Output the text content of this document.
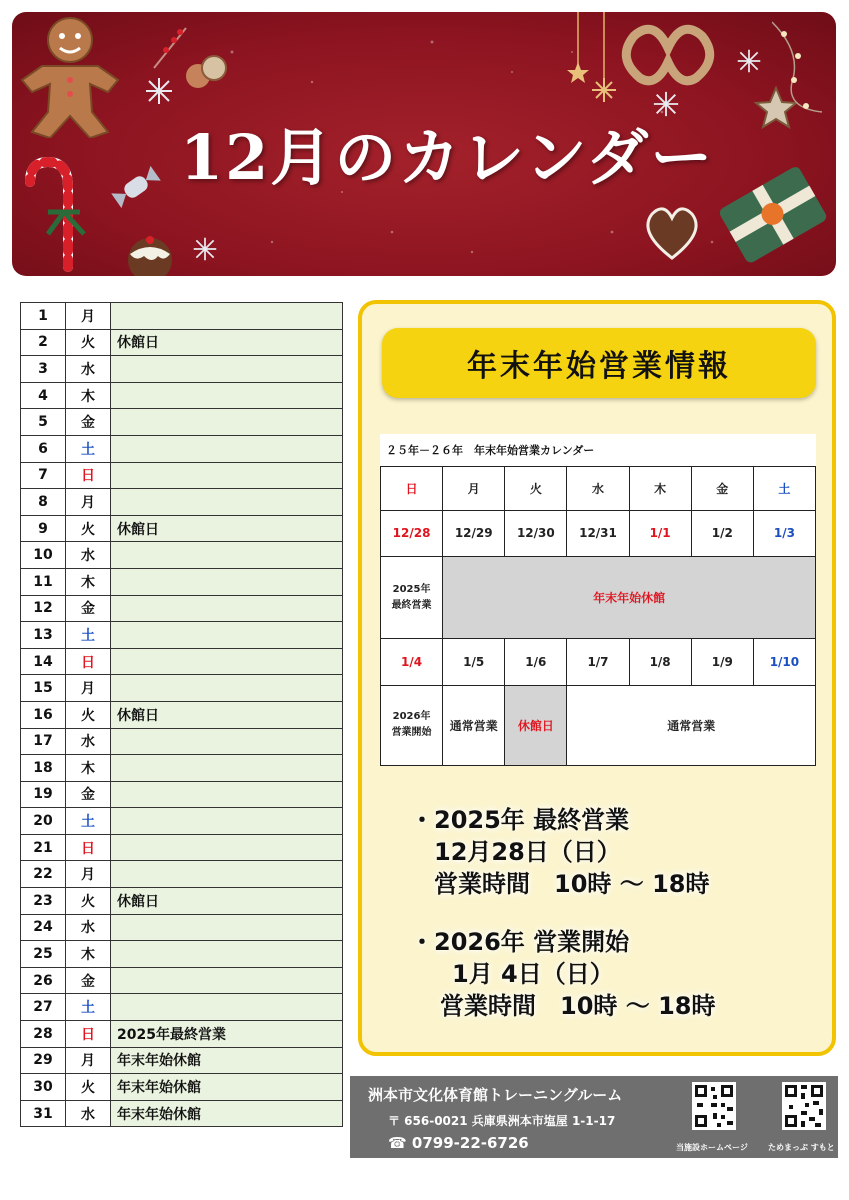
12月のカレンダー
1	月	
2	火	休館日
3	水	
4	木	
5	金	
6	土	
7	日	
8	月	
9	火	休館日
10	水	
11	木	
12	金	
13	土	
14	日	
15	月	
16	火	休館日
17	水	
18	木	
19	金	
20	土	
21	日	
22	月	
23	火	休館日
24	水	
25	木	
26	金	
27	土	
28	日	2025年最終営業
29	月	年末年始休館
30	火	年末年始休館
31	水	年末年始休館
年末年始営業情報
２５年－２６年　年末年始営業カレンダー
日	月	火	水	木	金	土
12/28	12/29	12/30	12/31	1/1	1/2	1/3
2025年
最終営業	年末年始休館					
1/4	1/5	1/6	1/7	1/8	1/9	1/10
2026年
営業開始	通常営業	休館日	通常営業			
・2025年 最終営業
12月28日（日）
営業時間　10時 ～ 18時
・2026年 営業開始
1月 4日（日）
営業時間　10時 ～ 18時
洲本市文化体育館トレーニングルーム
〒 656-0021 兵庫県洲本市塩屋 1-1-17
☎ 0799-22-6726	当施設ホームページ	ためまっぷ すもと
